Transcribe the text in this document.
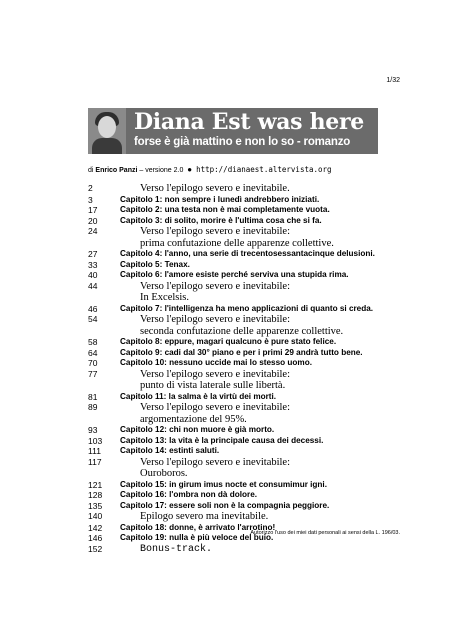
1/32
Diana Est was here
forse è già mattino e non lo so - romanzo
di Enrico Panzi – versione 2.0 ● http://dianaest.altervista.org
2	Verso l'epilogo severo e inevitabile.
3	Capitolo 1: non sempre i lunedì andrebbero iniziati.
17	Capitolo 2: una testa non è mai completamente vuota.
20	Capitolo 3: di solito, morire è l'ultima cosa che si fa.
24	Verso l'epilogo severo e inevitabile:
prima confutazione delle apparenze collettive.
27	Capitolo 4: l'anno, una serie di trecentosessantacinque delusioni.
33	Capitolo 5: Tenax.
40	Capitolo 6: l'amore esiste perché serviva una stupida rima.
44	Verso l'epilogo severo e inevitabile:
In Excelsis.
46	Capitolo 7: l'intelligenza ha meno applicazioni di quanto si creda.
54	Verso l'epilogo severo e inevitabile:
seconda confutazione delle apparenze collettive.
58	Capitolo 8: eppure, magari qualcuno è pure stato felice.
64	Capitolo 9: cadi dal 30° piano e per i primi 29 andrà tutto bene.
70	Capitolo 10: nessuno uccide mai lo stesso uomo.
77	Verso l'epilogo severo e inevitabile:
punto di vista laterale sulle libertà.
81	Capitolo 11: la salma è la virtù dei morti.
89	Verso l'epilogo severo e inevitabile:
argomentazione del 95%.
93	Capitolo 12: chi non muore è già morto.
103	Capitolo 13: la vita è la principale causa dei decessi.
111	Capitolo 14: estinti saluti.
117	Verso l'epilogo severo e inevitabile:
Ouroboros.
121	Capitolo 15: in girum imus nocte et consumimur igni.
128	Capitolo 16: l'ombra non dà dolore.
135	Capitolo 17: essere soli non è la compagnia peggiore.
140	Epilogo severo ma inevitabile.
142	Capitolo 18: donne, è arrivato l'arrotino!
146	Capitolo 19: nulla è più veloce del buio.
152	Bonus-track.
Autorizzo l'uso dei miei dati personali ai sensi della L. 196/03.
